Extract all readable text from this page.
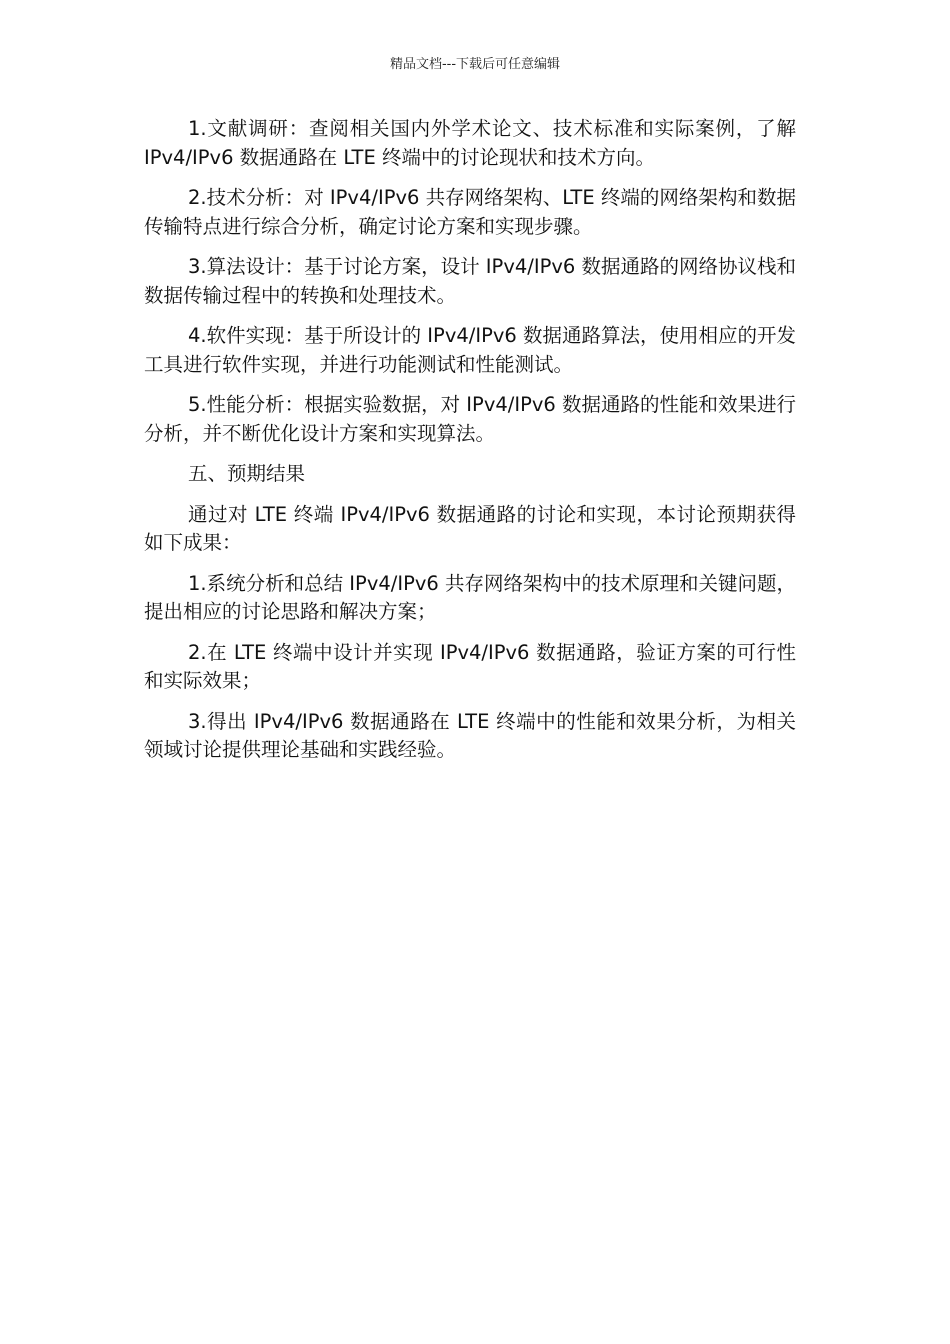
精品文档---下载后可任意编辑

1.文献调研：查阅相关国内外学术论文、技术标准和实际案例，了解 IPv4/IPv6 数据通路在 LTE 终端中的讨论现状和技术方向。

2.技术分析：对 IPv4/IPv6 共存网络架构、LTE 终端的网络架构和数据传输特点进行综合分析，确定讨论方案和实现步骤。

3.算法设计：基于讨论方案，设计 IPv4/IPv6 数据通路的网络协议栈和数据传输过程中的转换和处理技术。

4.软件实现：基于所设计的 IPv4/IPv6 数据通路算法，使用相应的开发工具进行软件实现，并进行功能测试和性能测试。

5.性能分析：根据实验数据，对 IPv4/IPv6 数据通路的性能和效果进行分析，并不断优化设计方案和实现算法。

五、预期结果

通过对 LTE 终端 IPv4/IPv6 数据通路的讨论和实现，本讨论预期获得如下成果：

1.系统分析和总结 IPv4/IPv6 共存网络架构中的技术原理和关键问题，提出相应的讨论思路和解决方案；

2.在 LTE 终端中设计并实现 IPv4/IPv6 数据通路，验证方案的可行性和实际效果；

3.得出 IPv4/IPv6 数据通路在 LTE 终端中的性能和效果分析，为相关领域讨论提供理论基础和实践经验。
